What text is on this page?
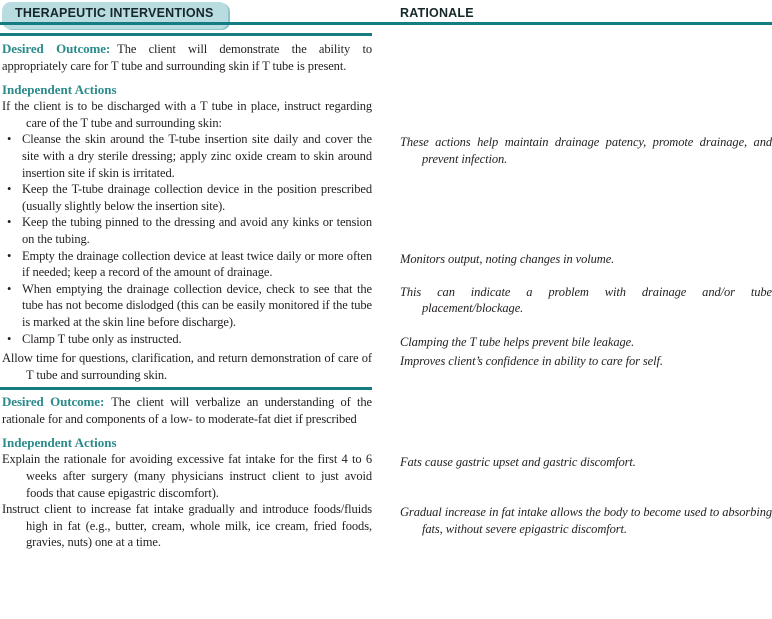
THERAPEUTIC INTERVENTIONS	RATIONALE

Desired Outcome: The client will demonstrate the ability to appropriately care for T tube and surrounding skin if T tube is present.

Independent Actions

If the client is to be discharged with a T tube in place, instruct regarding care of the T tube and surrounding skin:

• Cleanse the skin around the T-tube insertion site daily and cover the site with a dry sterile dressing; apply zinc oxide cream to skin around insertion site if skin is irritated.

These actions help maintain drainage patency, promote drainage, and prevent infection.

• Keep the T-tube drainage collection device in the position prescribed (usually slightly below the insertion site).

• Keep the tubing pinned to the dressing and avoid any kinks or tension on the tubing.

• Empty the drainage collection device at least twice daily or more often if needed; keep a record of the amount of drainage.

Monitors output, noting changes in volume.

• When emptying the drainage collection device, check to see that the tube has not become dislodged (this can be easily monitored if the tube is marked at the skin line before discharge).

This can indicate a problem with drainage and/or tube placement/blockage.

• Clamp T tube only as instructed.	Clamping the T tube helps prevent bile leakage.

Allow time for questions, clarification, and return demonstration of care of T tube and surrounding skin.

Improves client’s confidence in ability to care for self.

Desired Outcome: The client will verbalize an understanding of the rationale for and components of a low- to moderate-fat diet if prescribed

Independent Actions

Explain the rationale for avoiding excessive fat intake for the first 4 to 6 weeks after surgery (many physicians instruct client to just avoid foods that cause epigastric discomfort).

Fats cause gastric upset and gastric discomfort.

Instruct client to increase fat intake gradually and introduce foods/fluids high in fat (e.g., butter, cream, whole milk, ice cream, fried foods, gravies, nuts) one at a time.

Gradual increase in fat intake allows the body to become used to absorbing fats, without severe epigastric discomfort.
